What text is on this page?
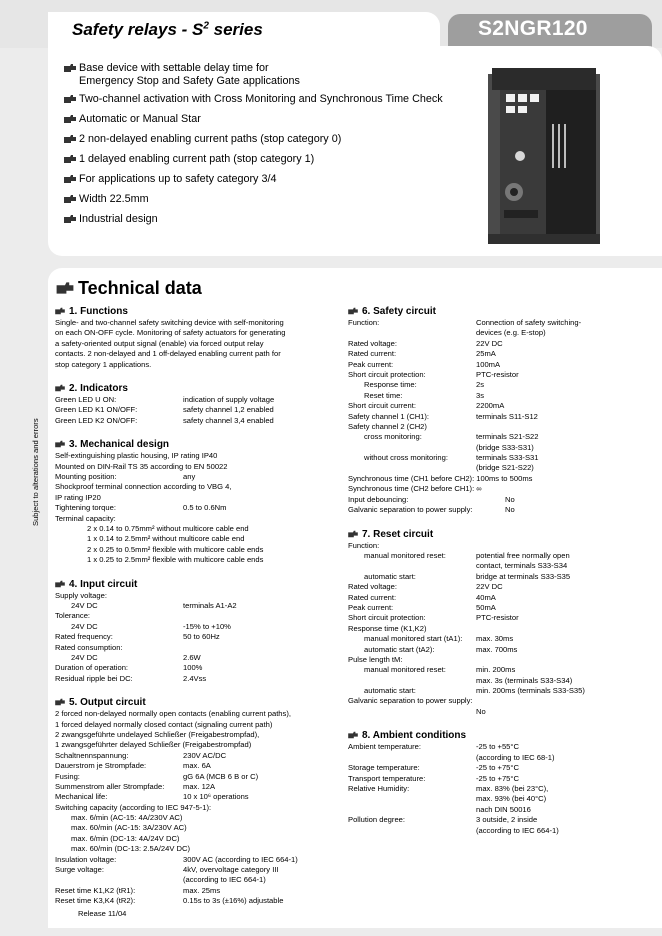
Safety relays - $S^2$ series	S2NGR120
Base device with settable delay time for
Emergency Stop and Safety Gate applications
Two-channel activation with Cross Monitoring and Synchronous Time Check
Automatic or Manual Star
2 non-delayed enabling current paths (stop category 0)
1 delayed enabling current path (stop category 1)
For applications up to safety category 3/4
Width 22.5mm
Industrial design
Technical data
1. Functions
Single- and two-channel safety switching device with self-monitoring
on each ON-OFF cycle. Monitoring of safety actuators for generating
a safety-oriented output signal (enable) via forced output relay
contacts. 2 non-delayed and 1 off-delayed enabling current path for
stop category 1 applications.
2. Indicators
Green LED U ON:	indication of supply voltage
Green LED K1 ON/OFF:	safety channel 1,2 enabled
Green LED K2 ON/OFF:	safety channel 3,4 enabled
3. Mechanical design
Self-extinguishing plastic housing, IP rating IP40
Mounted on DIN-Rail TS 35 according to EN 50022
Mounting position:	any
Shockproof terminal connection according to VBG 4,
IP rating IP20
Tightening torque:	0.5 to 0.6Nm
Terminal capacity:
2 x 0.14 to 0.75mm² without multicore cable end
1 x 0.14 to 2.5mm² without multicore cable end
2 x 0.25 to 0.5mm² flexible with multicore cable ends
1 x 0.25 to 2.5mm² flexible with multicore cable ends
4. Input circuit
Supply voltage:
24V DC	terminals A1-A2
Tolerance:
24V DC	-15% to +10%
Rated frequency:	50 to 60Hz
Rated consumption:
24V DC	2.6W
Duration of operation:	100%
Residual ripple bei DC:	2.4Vss
5. Output circuit
2 forced non-delayed normally open contacts (enabling current paths),
1 forced delayed normally closed contact (signaling current path)
2 zwangsgeführte undelayed Schließer (Freigabestrompfad),
1 zwangsgeführter delayed Schließer (Freigabestrompfad)
Schaltnennspannung:	230V AC/DC
Dauerstrom je Strompfade:	max. 6A
Fusing:	gG 6A (MCB 6 B or C)
Summenstrom aller Strompfade: max. 12A
Mechanical life:	10 x 10⁶ operations
Switching capacity (according to IEC 947-5-1):
max. 6/min (AC-15: 4A/230V AC)
max. 60/min (AC-15: 3A/230V AC)
max. 6/min (DC-13: 4A/24V DC)
max. 60/min (DC-13: 2.5A/24V DC)
Insulation voltage:	300V AC (according to IEC 664-1)
Surge voltage:	4kV, overvoltage category III
(according to IEC 664-1)
Reset time K1,K2 (tR1):	max. 25ms
Reset time K3,K4 (tR2):	0.15s to 3s (±16%) adjustable
6. Safety circuit
Function:	Connection of safety switching-
devices (e.g. E-stop)
Rated voltage:	22V DC
Rated current:	25mA
Peak current:	100mA
Short circuit protection:	PTC-resistor
Response time:	2s
Reset time:	3s
Short circuit current:	2200mA
Safety channel 1 (CH1):	terminals S11-S12
Safety channel 2 (CH2)
cross monitoring:	terminals S21-S22
(bridge S33-S31)
without cross monitoring:	terminals S33-S31
(bridge S21-S22)
Synchronous time (CH1 before CH2): 100ms to 500ms
Synchronous time (CH2 before CH1): ∞
Input debouncing:	No
Galvanic separation to power supply:	No
7. Reset circuit
Function:
manual monitored reset:	potential free normally open
contact, terminals S33-S34
automatic start:	bridge at terminals S33-S35
Rated voltage:	22V DC
Rated current:	40mA
Peak current:	50mA
Short circuit protection:	PTC-resistor
Response time (K1,K2)
manual monitored start (tA1): max. 30ms
automatic start (tA2):	max. 700ms
Pulse length tM:
manual monitored reset:	min. 200ms
max. 3s (terminals S33-S34)
automatic start:	min. 200ms (terminals S33-S35)
Galvanic separation to power supply:
No
8. Ambient conditions
Ambient temperature:	-25 to +55°C
(according to IEC 68-1)
Storage temperature:	-25 to +75°C
Transport temperature:	-25 to +75°C
Relative Humidity:	max. 83% (bei 23°C),
max. 93% (bei 40°C)
nach DIN 50016
Pollution degree:	3 outside, 2 inside
(according to IEC 664-1)
Subject to alterations and errors
Release 11/04
